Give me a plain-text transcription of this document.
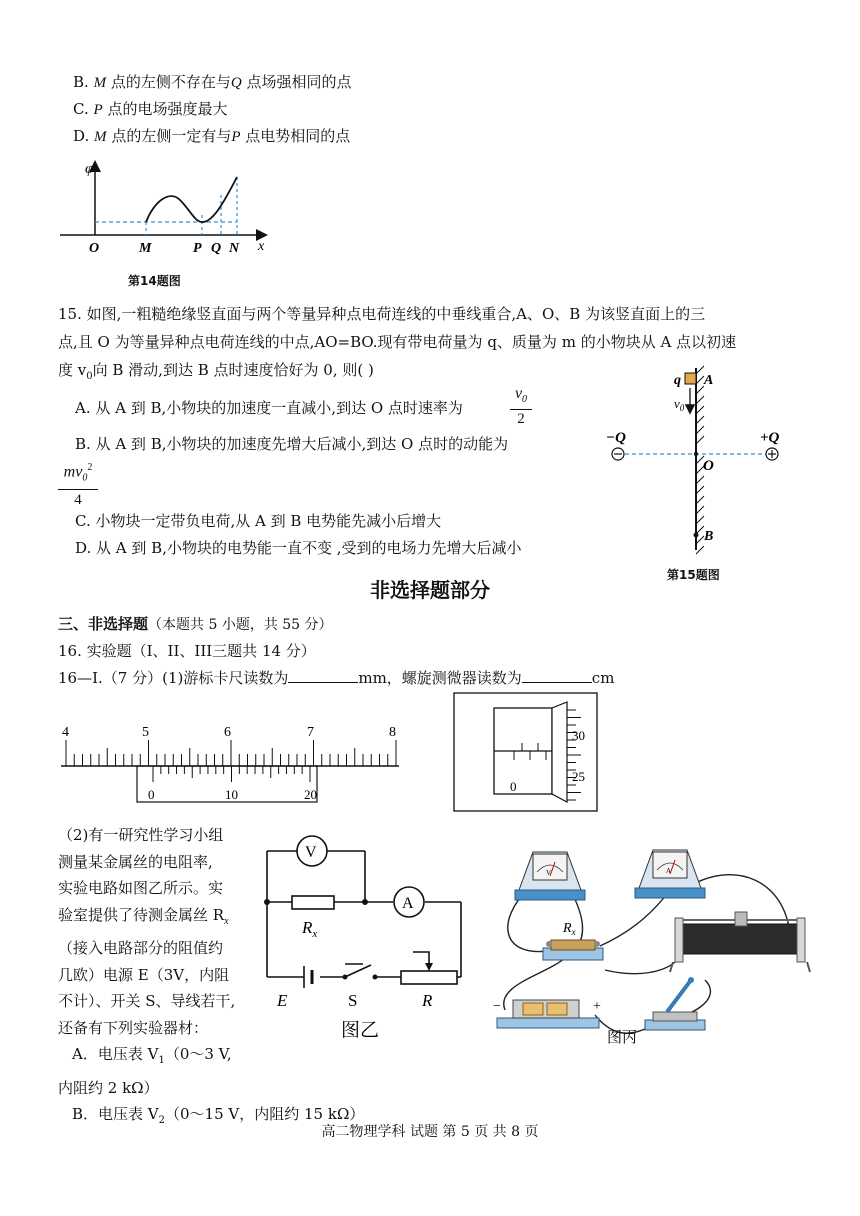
B. M 点的左侧不存在与Q 点场强相同的点
C. P 点的电场强度最大
D. M 点的左侧一定有与P 点电势相同的点
φ
x
O	M	P Q N
第14题图
15. 如图,一粗糙绝缘竖直面与两个等量异种点电荷连线的中垂线重合,A、O、B 为该竖直面上的三
点,且 O 为等量异种点电荷连线的中点,AO=BO.现有带电荷量为 q、质量为 m 的小物块从 A 点以初速
度 $v_0$向 B 滑动,到达 B 点时速度恰好为 0, 则( )
A. 从 A 到 B,小物块的加速度一直减小,到达 O 点时速率为	$\frac{v_0}{2}$
B. 从 A 到 B,小物块的加速度先增大后减小,到达 O 点时的动能为
$\frac{mv_0^2}{4}$
C. 小物块一定带负电荷,从 A 到 B 电势能先减小后增大
D. 从 A 到 B,小物块的电势能一直不变 ,受到的电场力先增大后减小
q A
$v_0$
−Q	+Q
O
B
第15题图
非选择题部分
三、非选择题（本题共 5 小题，共 55 分）
16. 实验题（I、II、III三题共 14 分）
16—I.（7 分）(1)游标卡尺读数为	mm，螺旋测微器读数为	cm
4	5	6	7	8
0	10	20
30
25
0
（2)有一研究性学习小组
测量某金属丝的电阻率,
实验电路如图乙所示。实
验室提供了待测金属丝 $R_x$
（接入电路部分的阻值约
几欧）电源 E（3V，内阻
不计）、开关 S、导线若干,
还备有下列实验器材：
A．电压表 $V_1(0\sim 3$ V,
内阻约 2 kΩ）
B．电压表 $V_2(0\sim 15$ V，内阻约 15 kΩ）
V
A
$R_x$
E	S	R
图乙
V	A
$R_x$
−	+
图丙
高二物理学科 试题 第 5 页 共 8 页
